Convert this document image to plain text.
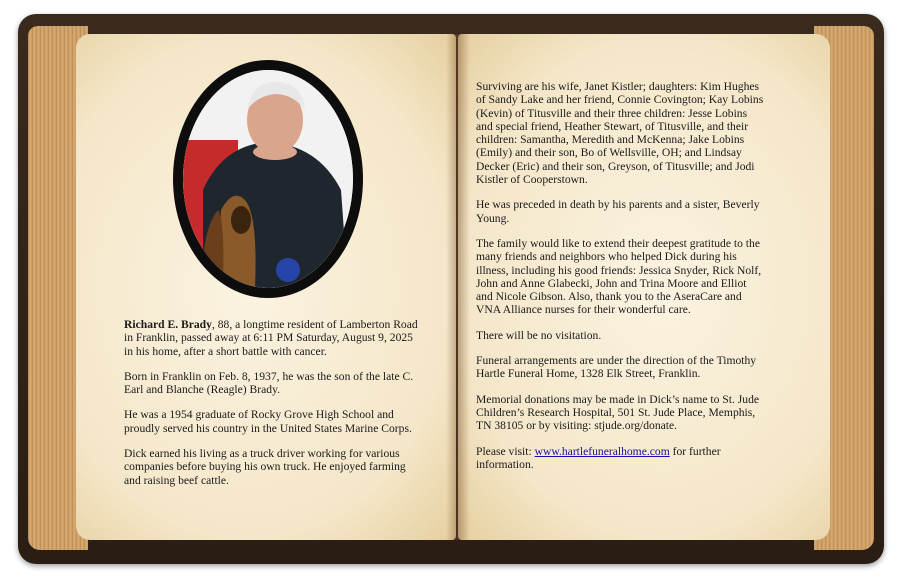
Richard E. Brady, 88, a longtime resident of Lamberton Road in Franklin, passed away at 6:11 PM Saturday, August 9, 2025 in his home, after a short battle with cancer.

Born in Franklin on Feb. 8, 1937, he was the son of the late C. Earl and Blanche (Reagle) Brady.

He was a 1954 graduate of Rocky Grove High School and proudly served his country in the United States Marine Corps.

Dick earned his living as a truck driver working for various companies before buying his own truck. He enjoyed farming and raising beef cattle.

Surviving are his wife, Janet Kistler; daughters: Kim Hughes of Sandy Lake and her friend, Connie Covington; Kay Lobins (Kevin) of Titusville and their three children: Jesse Lobins and special friend, Heather Stewart, of Titusville, and their children: Samantha, Meredith and McKenna; Jake Lobins (Emily) and their son, Bo of Wellsville, OH; and Lindsay Decker (Eric) and their son, Greyson, of Titusville; and Jodi Kistler of Cooperstown.

He was preceded in death by his parents and a sister, Beverly Young.

The family would like to extend their deepest gratitude to the many friends and neighbors who helped Dick during his illness, including his good friends: Jessica Snyder, Rick Nolf, John and Anne Glabecki, John and Trina Moore and Elliot and Nicole Gibson. Also, thank you to the AseraCare and VNA Alliance nurses for their wonderful care.

There will be no visitation.

Funeral arrangements are under the direction of the Timothy Hartle Funeral Home, 1328 Elk Street, Franklin.

Memorial donations may be made in Dick’s name to St. Jude Children’s Research Hospital, 501 St. Jude Place, Memphis, TN 38105 or by visiting: stjude.org/donate.

Please visit: www.hartlefuneralhome.com for further information.
